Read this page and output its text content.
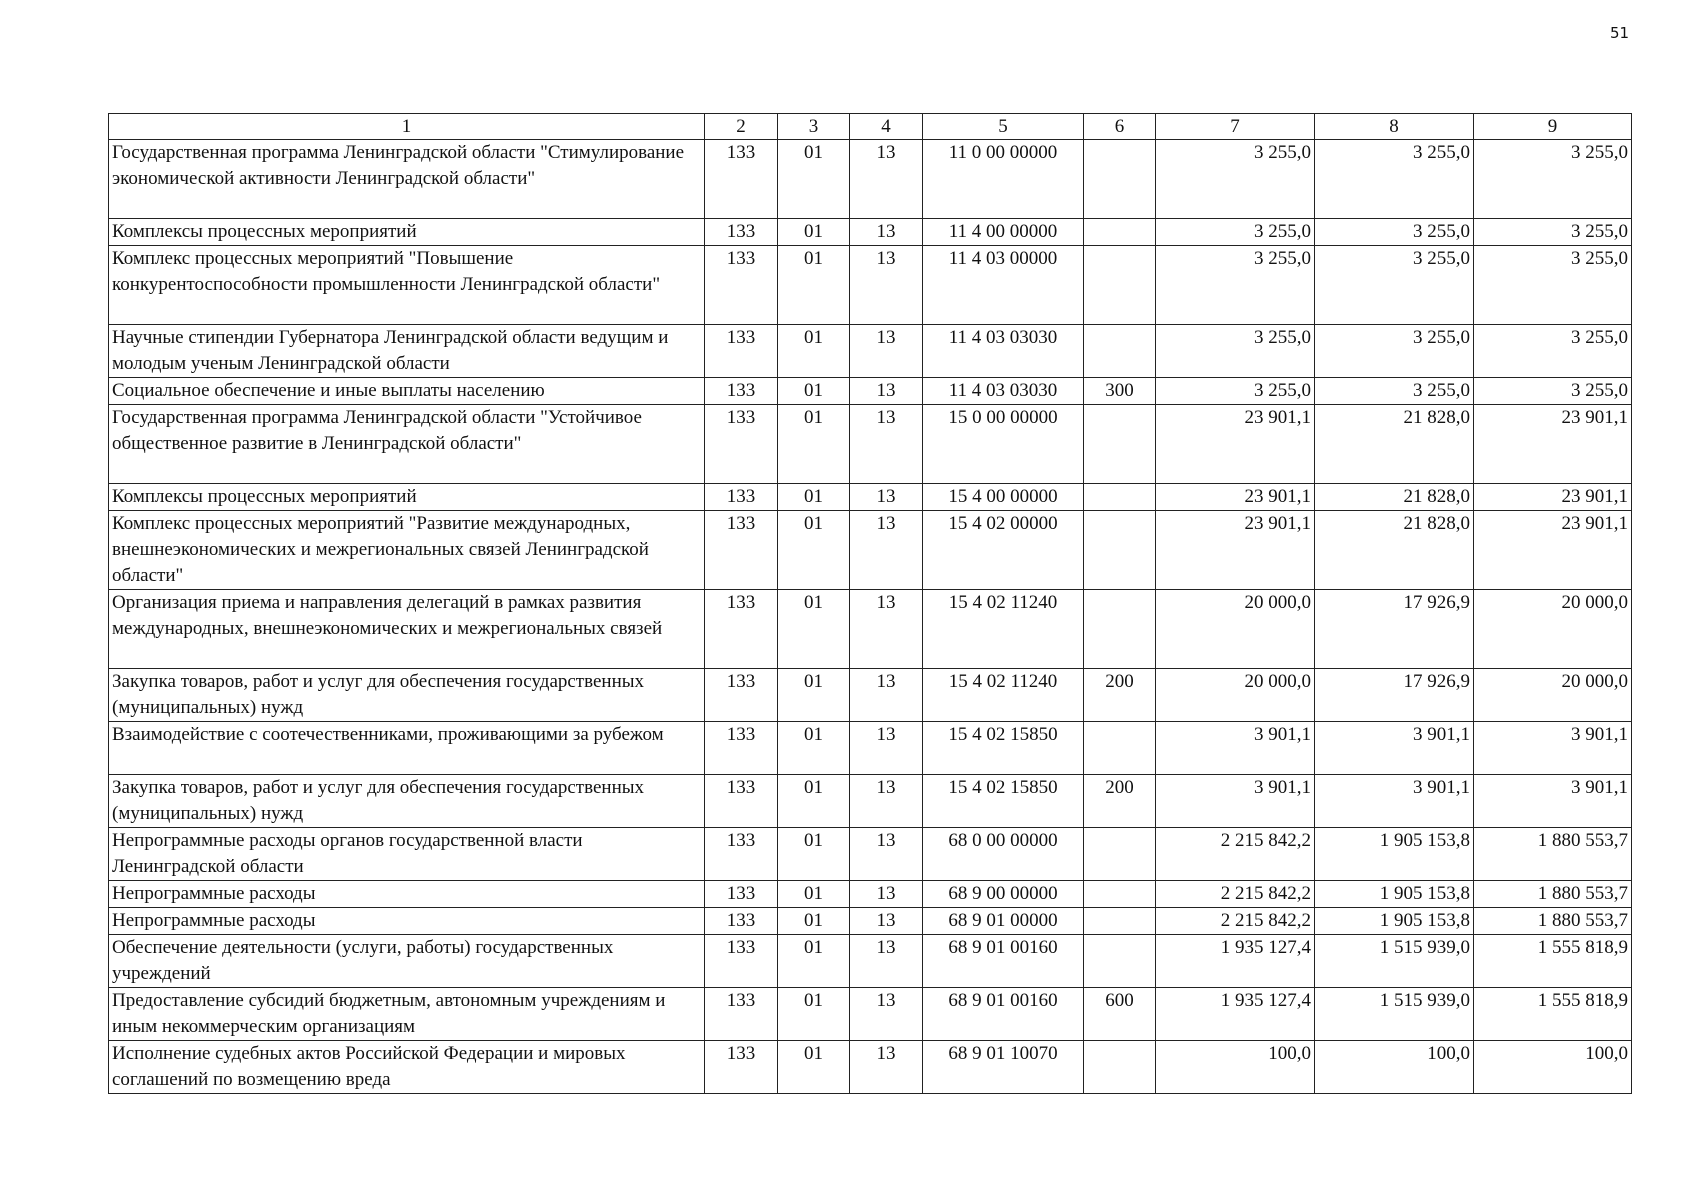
51
1	2	3	4	5	6	7	8	9
Государственная программа Ленинградской области "Стимулирование экономической активности Ленинградской области"	133	01	13	11 0 00 00000		3 255,0	3 255,0	3 255,0
Комплексы процессных мероприятий	133	01	13	11 4 00 00000		3 255,0	3 255,0	3 255,0
Комплекс процессных мероприятий "Повышение конкурентоспособности промышленности Ленинградской области"	133	01	13	11 4 03 00000		3 255,0	3 255,0	3 255,0
Научные стипендии Губернатора Ленинградской области ведущим и молодым ученым Ленинградской области	133	01	13	11 4 03 03030		3 255,0	3 255,0	3 255,0
Социальное обеспечение и иные выплаты населению	133	01	13	11 4 03 03030	300	3 255,0	3 255,0	3 255,0
Государственная программа Ленинградской области "Устойчивое общественное развитие в Ленинградской области"	133	01	13	15 0 00 00000		23 901,1	21 828,0	23 901,1
Комплексы процессных мероприятий	133	01	13	15 4 00 00000		23 901,1	21 828,0	23 901,1
Комплекс процессных мероприятий "Развитие международных, внешнеэкономических и межрегиональных связей Ленинградской области"	133	01	13	15 4 02 00000		23 901,1	21 828,0	23 901,1
Организация приема и направления делегаций в рамках развития международных, внешнеэкономических и межрегиональных связей	133	01	13	15 4 02 11240		20 000,0	17 926,9	20 000,0
Закупка товаров, работ и услуг для обеспечения государственных (муниципальных) нужд	133	01	13	15 4 02 11240	200	20 000,0	17 926,9	20 000,0
Взаимодействие с соотечественниками, проживающими за рубежом	133	01	13	15 4 02 15850		3 901,1	3 901,1	3 901,1
Закупка товаров, работ и услуг для обеспечения государственных (муниципальных) нужд	133	01	13	15 4 02 15850	200	3 901,1	3 901,1	3 901,1
Непрограммные расходы органов государственной власти Ленинградской области	133	01	13	68 0 00 00000		2 215 842,2	1 905 153,8	1 880 553,7
Непрограммные расходы	133	01	13	68 9 00 00000		2 215 842,2	1 905 153,8	1 880 553,7
Непрограммные расходы	133	01	13	68 9 01 00000		2 215 842,2	1 905 153,8	1 880 553,7
Обеспечение деятельности (услуги, работы) государственных учреждений	133	01	13	68 9 01 00160		1 935 127,4	1 515 939,0	1 555 818,9
Предоставление субсидий бюджетным, автономным учреждениям и иным некоммерческим организациям	133	01	13	68 9 01 00160	600	1 935 127,4	1 515 939,0	1 555 818,9
Исполнение судебных актов Российской Федерации и мировых соглашений по возмещению вреда	133	01	13	68 9 01 10070		100,0	100,0	100,0
